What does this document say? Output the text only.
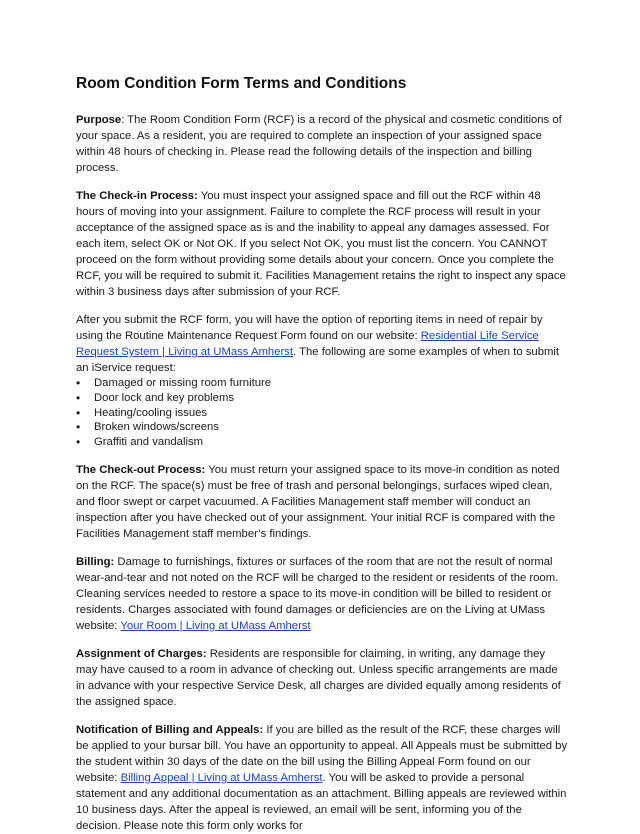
Room Condition Form Terms and Conditions

Purpose: The Room Condition Form (RCF) is a record of the physical and cosmetic conditions of your space. As a resident, you are required to complete an inspection of your assigned space within 48 hours of checking in. Please read the following details of the inspection and billing process.

The Check-in Process: You must inspect your assigned space and fill out the RCF within 48 hours of moving into your assignment. Failure to complete the RCF process will result in your acceptance of the assigned space as is and the inability to appeal any damages assessed. For each item, select OK or Not OK. If you select Not OK, you must list the concern. You CANNOT proceed on the form without providing some details about your concern. Once you complete the RCF, you will be required to submit it. Facilities Management retains the right to inspect any space within 3 business days after submission of your RCF.

After you submit the RCF form, you will have the option of reporting items in need of repair by using the Routine Maintenance Request Form found on our website: Residential Life Service Request System | Living at UMass Amherst. The following are some examples of when to submit an iService request:

• Damaged or missing room furniture
• Door lock and key problems
• Heating/cooling issues
• Broken windows/screens
• Graffiti and vandalism

The Check-out Process: You must return your assigned space to its move-in condition as noted on the RCF. The space(s) must be free of trash and personal belongings, surfaces wiped clean, and floor swept or carpet vacuumed. A Facilities Management staff member will conduct an inspection after you have checked out of your assignment. Your initial RCF is compared with the Facilities Management staff member’s findings.

Billing: Damage to furnishings, fixtures or surfaces of the room that are not the result of normal wear-and-tear and not noted on the RCF will be charged to the resident or residents of the room. Cleaning services needed to restore a space to its move-in condition will be billed to resident or residents. Charges associated with found damages or deficiencies are on the Living at UMass website: Your Room | Living at UMass Amherst

Assignment of Charges: Residents are responsible for claiming, in writing, any damage they may have caused to a room in advance of checking out. Unless specific arrangements are made in advance with your respective Service Desk, all charges are divided equally among residents of the assigned space.

Notification of Billing and Appeals: If you are billed as the result of the RCF, these charges will be applied to your bursar bill. You have an opportunity to appeal. All Appeals must be submitted by the student within 30 days of the date on the bill using the Billing Appeal Form found on our website: Billing Appeal | Living at UMass Amherst. You will be asked to provide a personal statement and any additional documentation as an attachment. Billing appeals are reviewed within 10 business days. After the appeal is reviewed, an email will be sent, informing you of the decision. Please note this form only works for
